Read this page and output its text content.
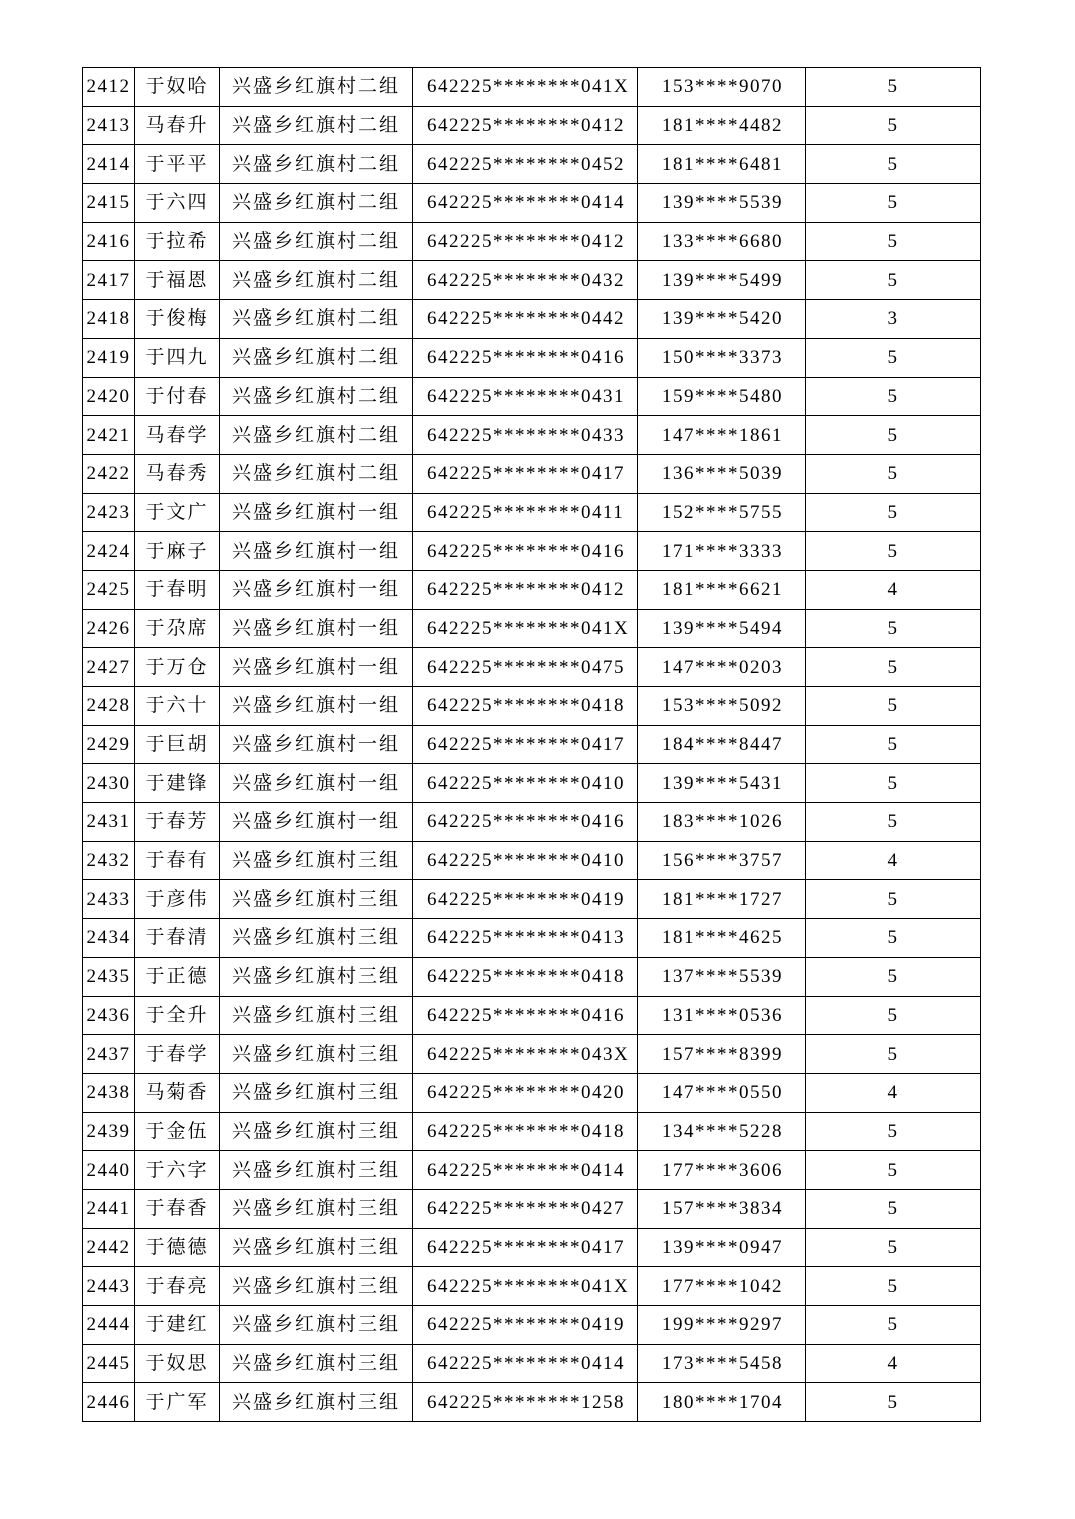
2412	于奴哈	兴盛乡红旗村二组	642225********041X	153****9070	5
2413	马春升	兴盛乡红旗村二组	642225********0412	181****4482	5
2414	于平平	兴盛乡红旗村二组	642225********0452	181****6481	5
2415	于六四	兴盛乡红旗村二组	642225********0414	139****5539	5
2416	于拉希	兴盛乡红旗村二组	642225********0412	133****6680	5
2417	于福恩	兴盛乡红旗村二组	642225********0432	139****5499	5
2418	于俊梅	兴盛乡红旗村二组	642225********0442	139****5420	3
2419	于四九	兴盛乡红旗村二组	642225********0416	150****3373	5
2420	于付春	兴盛乡红旗村二组	642225********0431	159****5480	5
2421	马春学	兴盛乡红旗村二组	642225********0433	147****1861	5
2422	马春秀	兴盛乡红旗村二组	642225********0417	136****5039	5
2423	于文广	兴盛乡红旗村一组	642225********0411	152****5755	5
2424	于麻子	兴盛乡红旗村一组	642225********0416	171****3333	5
2425	于春明	兴盛乡红旗村一组	642225********0412	181****6621	4
2426	于尕席	兴盛乡红旗村一组	642225********041X	139****5494	5
2427	于万仓	兴盛乡红旗村一组	642225********0475	147****0203	5
2428	于六十	兴盛乡红旗村一组	642225********0418	153****5092	5
2429	于巨胡	兴盛乡红旗村一组	642225********0417	184****8447	5
2430	于建锋	兴盛乡红旗村一组	642225********0410	139****5431	5
2431	于春芳	兴盛乡红旗村一组	642225********0416	183****1026	5
2432	于春有	兴盛乡红旗村三组	642225********0410	156****3757	4
2433	于彦伟	兴盛乡红旗村三组	642225********0419	181****1727	5
2434	于春清	兴盛乡红旗村三组	642225********0413	181****4625	5
2435	于正德	兴盛乡红旗村三组	642225********0418	137****5539	5
2436	于全升	兴盛乡红旗村三组	642225********0416	131****0536	5
2437	于春学	兴盛乡红旗村三组	642225********043X	157****8399	5
2438	马菊香	兴盛乡红旗村三组	642225********0420	147****0550	4
2439	于金伍	兴盛乡红旗村三组	642225********0418	134****5228	5
2440	于六字	兴盛乡红旗村三组	642225********0414	177****3606	5
2441	于春香	兴盛乡红旗村三组	642225********0427	157****3834	5
2442	于德德	兴盛乡红旗村三组	642225********0417	139****0947	5
2443	于春亮	兴盛乡红旗村三组	642225********041X	177****1042	5
2444	于建红	兴盛乡红旗村三组	642225********0419	199****9297	5
2445	于奴思	兴盛乡红旗村三组	642225********0414	173****5458	4
2446	于广军	兴盛乡红旗村三组	642225********1258	180****1704	5
